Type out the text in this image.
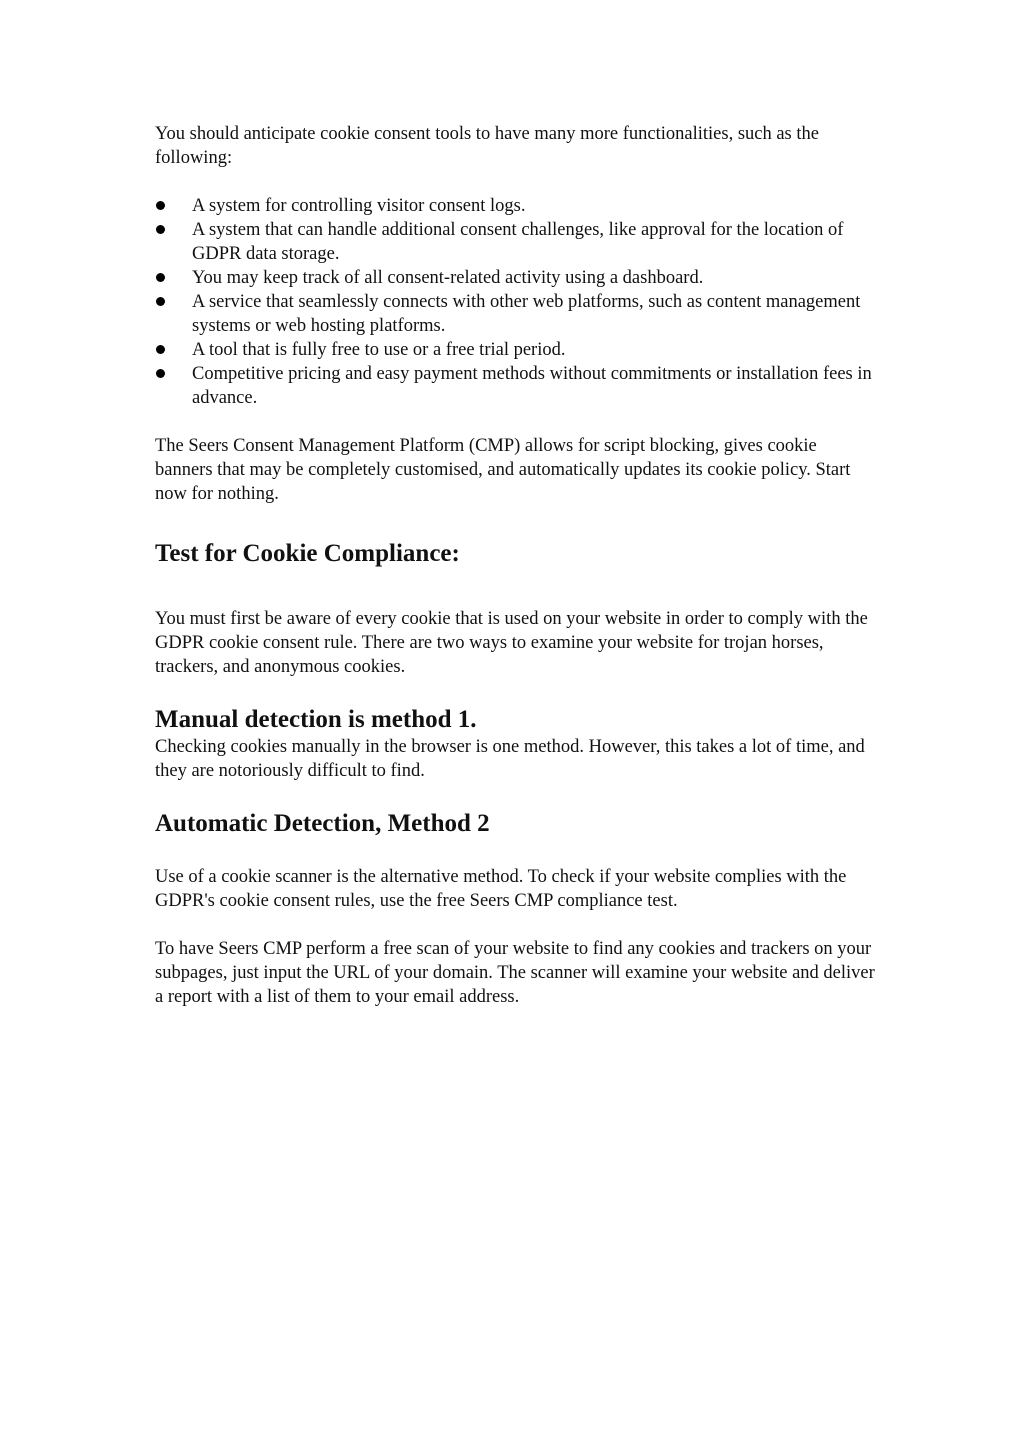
You should anticipate cookie consent tools to have many more functionalities, such as the following:

A system for controlling visitor consent logs.
A system that can handle additional consent challenges, like approval for the location of GDPR data storage.
You may keep track of all consent-related activity using a dashboard.
A service that seamlessly connects with other web platforms, such as content management systems or web hosting platforms.
A tool that is fully free to use or a free trial period.
Competitive pricing and easy payment methods without commitments or installation fees in advance.

The Seers Consent Management Platform (CMP) allows for script blocking, gives cookie banners that may be completely customised, and automatically updates its cookie policy. Start now for nothing.

Test for Cookie Compliance:

You must first be aware of every cookie that is used on your website in order to comply with the GDPR cookie consent rule. There are two ways to examine your website for trojan horses, trackers, and anonymous cookies.

Manual detection is method 1.

Checking cookies manually in the browser is one method. However, this takes a lot of time, and they are notoriously difficult to find.

Automatic Detection, Method 2

Use of a cookie scanner is the alternative method. To check if your website complies with the GDPR's cookie consent rules, use the free Seers CMP compliance test.

To have Seers CMP perform a free scan of your website to find any cookies and trackers on your subpages, just input the URL of your domain. The scanner will examine your website and deliver a report with a list of them to your email address.
